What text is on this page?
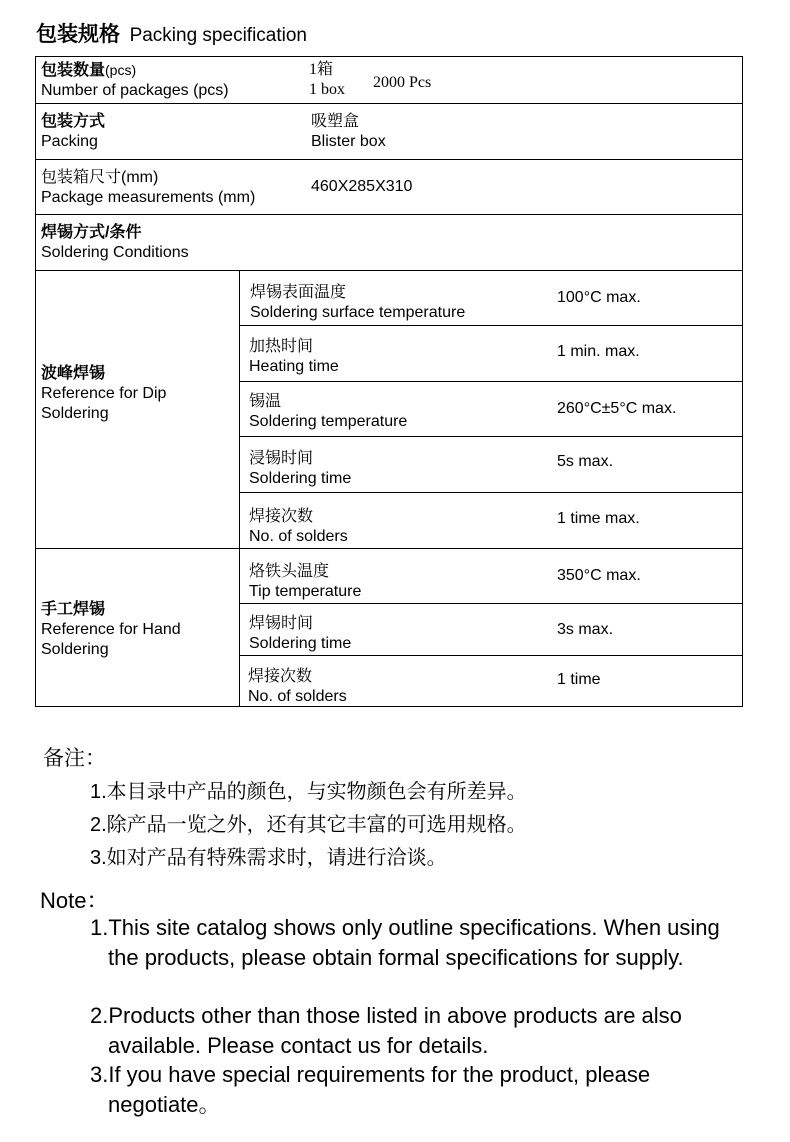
包装规格 Packing specification
包装数量(pcs)
Number of packages (pcs)
1箱
1 box 2000 Pcs
包装方式
Packing
吸塑盒
Blister box
包装箱尺寸(mm)
Package measurements (mm)
460X285X310
焊锡方式/条件
Soldering Conditions
波峰焊锡
Reference for Dip
Soldering
焊锡表面温度
Soldering surface temperature
100°C max.
加热时间
Heating time
1 min. max.
锡温
Soldering temperature
260°C±5°C max.
浸锡时间
Soldering time
5s max.
焊接次数
No. of solders
1 time max.
手工焊锡
Reference for Hand
Soldering
烙铁头温度
Tip temperature
350°C max.
焊锡时间
Soldering time
3s max.
焊接次数
No. of solders
1 time
备注：
1.本目录中产品的颜色，与实物颜色会有所差异。
2.除产品一览之外，还有其它丰富的可选用规格。
3.如对产品有特殊需求时，请进行洽谈。
Note：
1.This site catalog shows only outline specifications. When using the products, please obtain formal specifications for supply.
2.Products other than those listed in above products are also available. Please contact us for details.
3.If you have special requirements for the product, please negotiate。
